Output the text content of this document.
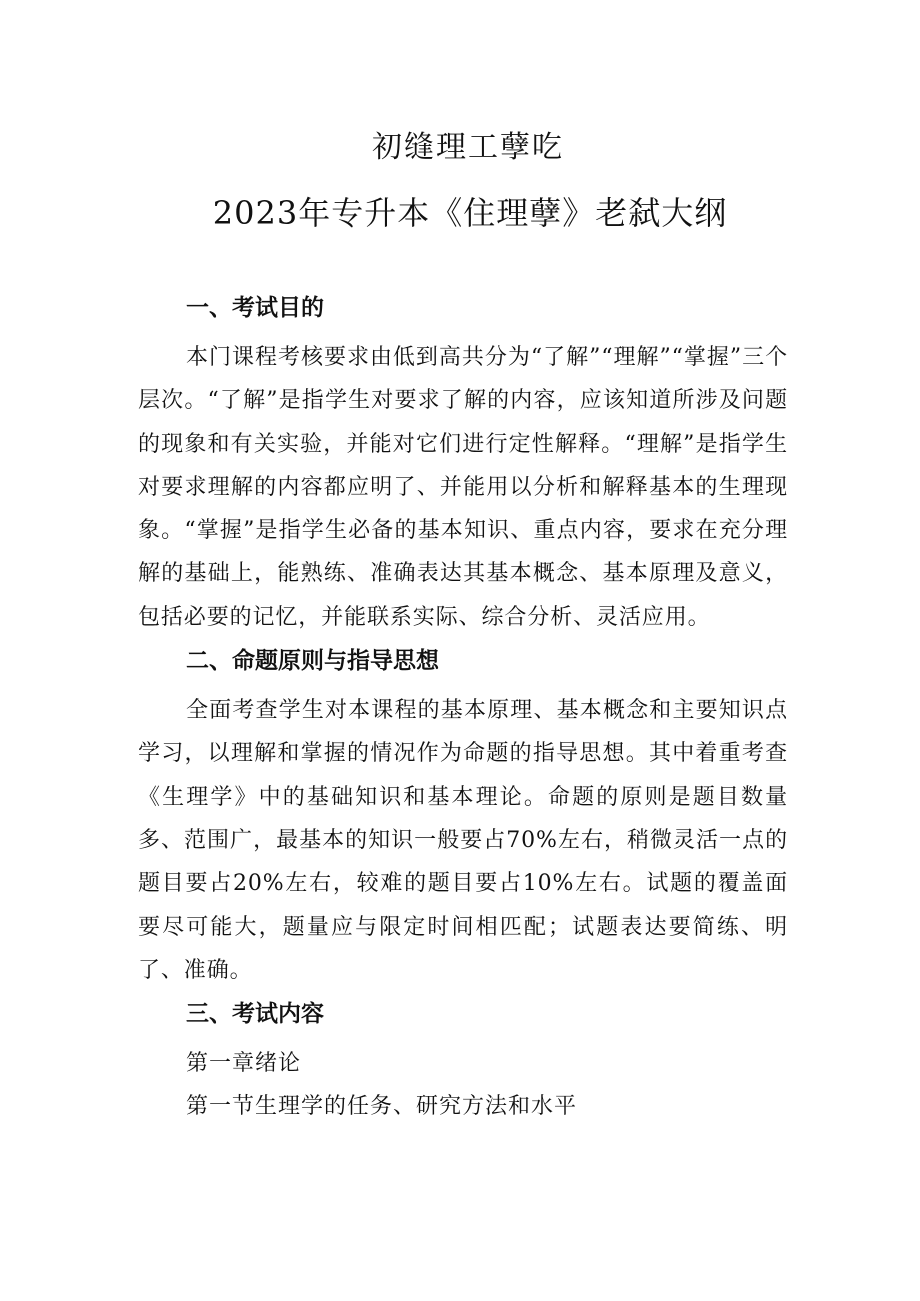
初缝理工孽吃
2023年专升本《住理孽》老弑大纲
一、考试目的

本门课程考核要求由低到高共分为“了解”“理解”“掌握”三个层次。“了解”是指学生对要求了解的内容，应该知道所涉及问题的现象和有关实验，并能对它们进行定性解释。“理解”是指学生对要求理解的内容都应明了、并能用以分析和解释基本的生理现象。“掌握”是指学生必备的基本知识、重点内容，要求在充分理解的基础上，能熟练、准确表达其基本概念、基本原理及意义，包括必要的记忆，并能联系实际、综合分析、灵活应用。

二、命题原则与指导思想

全面考查学生对本课程的基本原理、基本概念和主要知识点学习，以理解和掌握的情况作为命题的指导思想。其中着重考查《生理学》中的基础知识和基本理论。命题的原则是题目数量多、范围广，最基本的知识一般要占70%左右，稍微灵活一点的题目要占20%左右，较难的题目要占10%左右。试题的覆盖面要尽可能大，题量应与限定时间相匹配；试题表达要简练、明了、准确。

三、考试内容
第一章绪论
第一节生理学的任务、研究方法和水平
